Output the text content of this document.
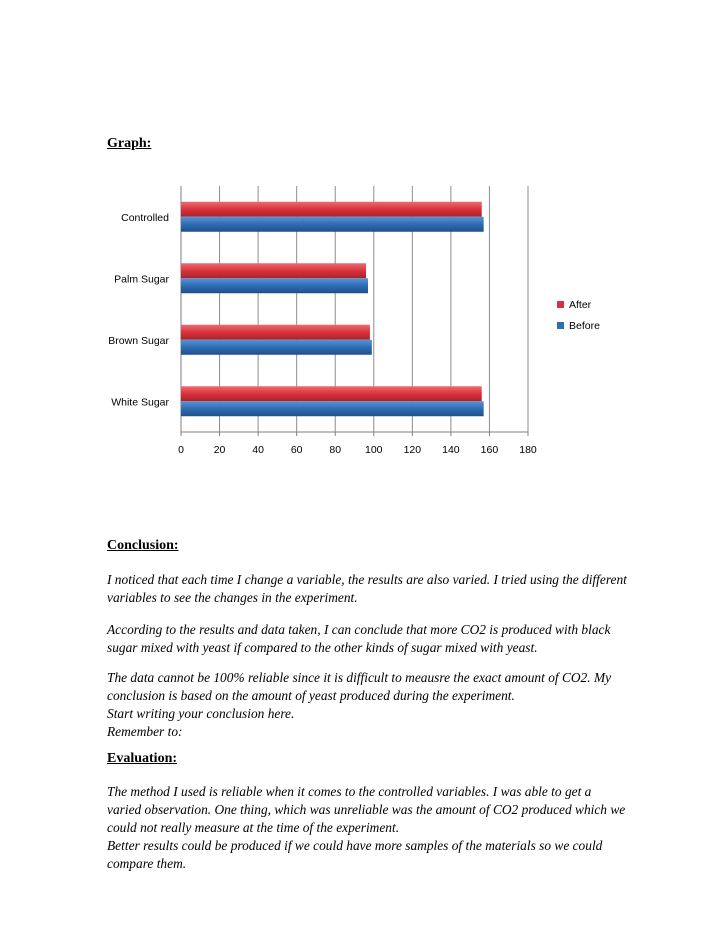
Graph:

0	20	40	60	80 100 120 140 160 180
White Sugar
Brown Sugar
Palm Sugar
Controlled
After
Before

Conclusion:

I noticed that each time I change a variable, the results are also varied. I tried using the different variables to see the changes in the experiment.

According to the results and data taken, I can conclude that more CO2 is produced with black sugar mixed with yeast if compared to the other kinds of sugar mixed with yeast.

The data cannot be 100% reliable since it is difficult to meausre the exact amount of CO2. My conclusion is based on the amount of yeast produced during the experiment.
Start writing your conclusion here.
Remember to:

Evaluation:

The method I used is reliable when it comes to the controlled variables. I was able to get a varied observation. One thing, which was unreliable was the amount of CO2 produced which we could not really measure at the time of the experiment.
Better results could be produced if we could have more samples of the materials so we could compare them.
